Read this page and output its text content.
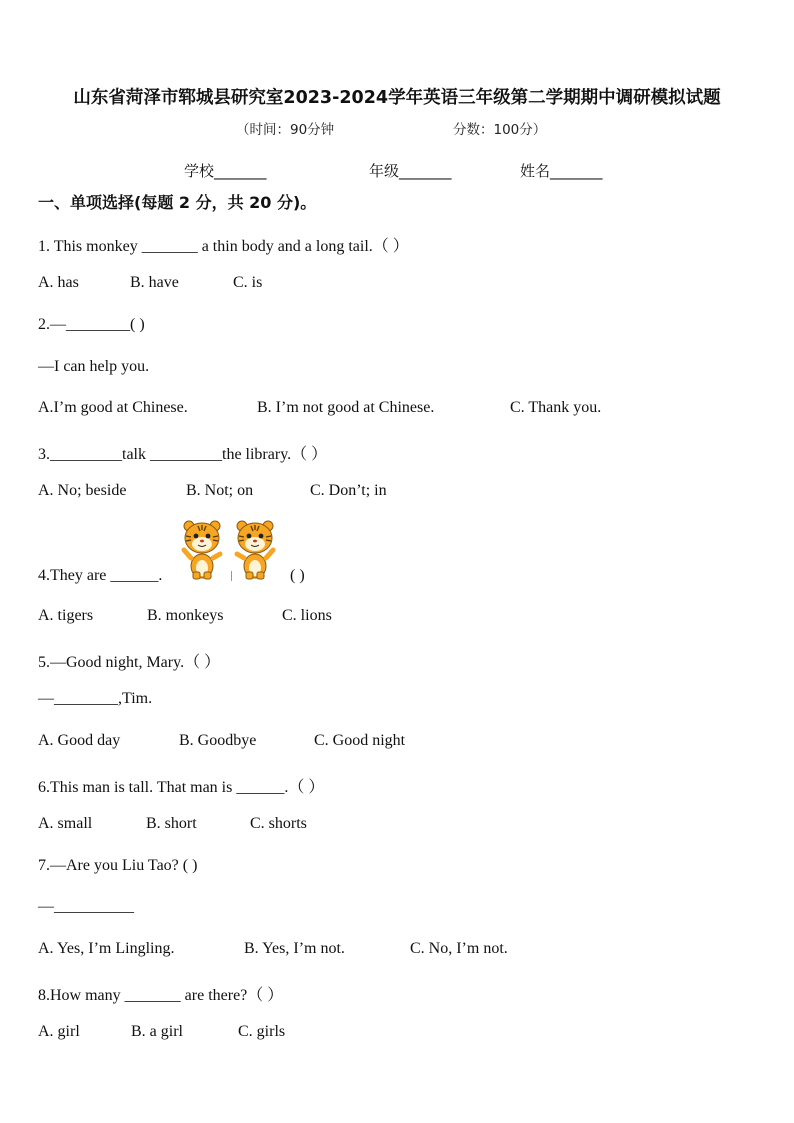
山东省菏泽市郓城县研究室2023-2024学年英语三年级第二学期期中调研模拟试题
（时间：90分钟	分数：100分）
学校_______	年级_______	姓名_______
一、单项选择(每题 2 分，共 20 分)。
1. This monkey _______ a thin body and a long tail.（ ）
A. has	B. have	C. is
2.—________( )
—I can help you.
A.I’m good at Chinese.	B. I’m not good at Chinese.	C. Thank you.
3._________talk _________the library.（ ）
A. No; beside	B. Not; on	C. Don’t; in
4.They are ______.	( )
A. tigers	B. monkeys	C. lions
5.—Good night, Mary.（ ）
—________,Tim.
A. Good day	B. Goodbye	C. Good night
6.This man is tall. That man is ______.（ ）
A. small	B. short	C. shorts
7.—Are you Liu Tao? ( )
—__________
A. Yes, I’m Lingling.	B. Yes, I’m not.	C. No, I’m not.
8.How many _______ are there?（ ）
A. girl	B. a girl	C. girls
